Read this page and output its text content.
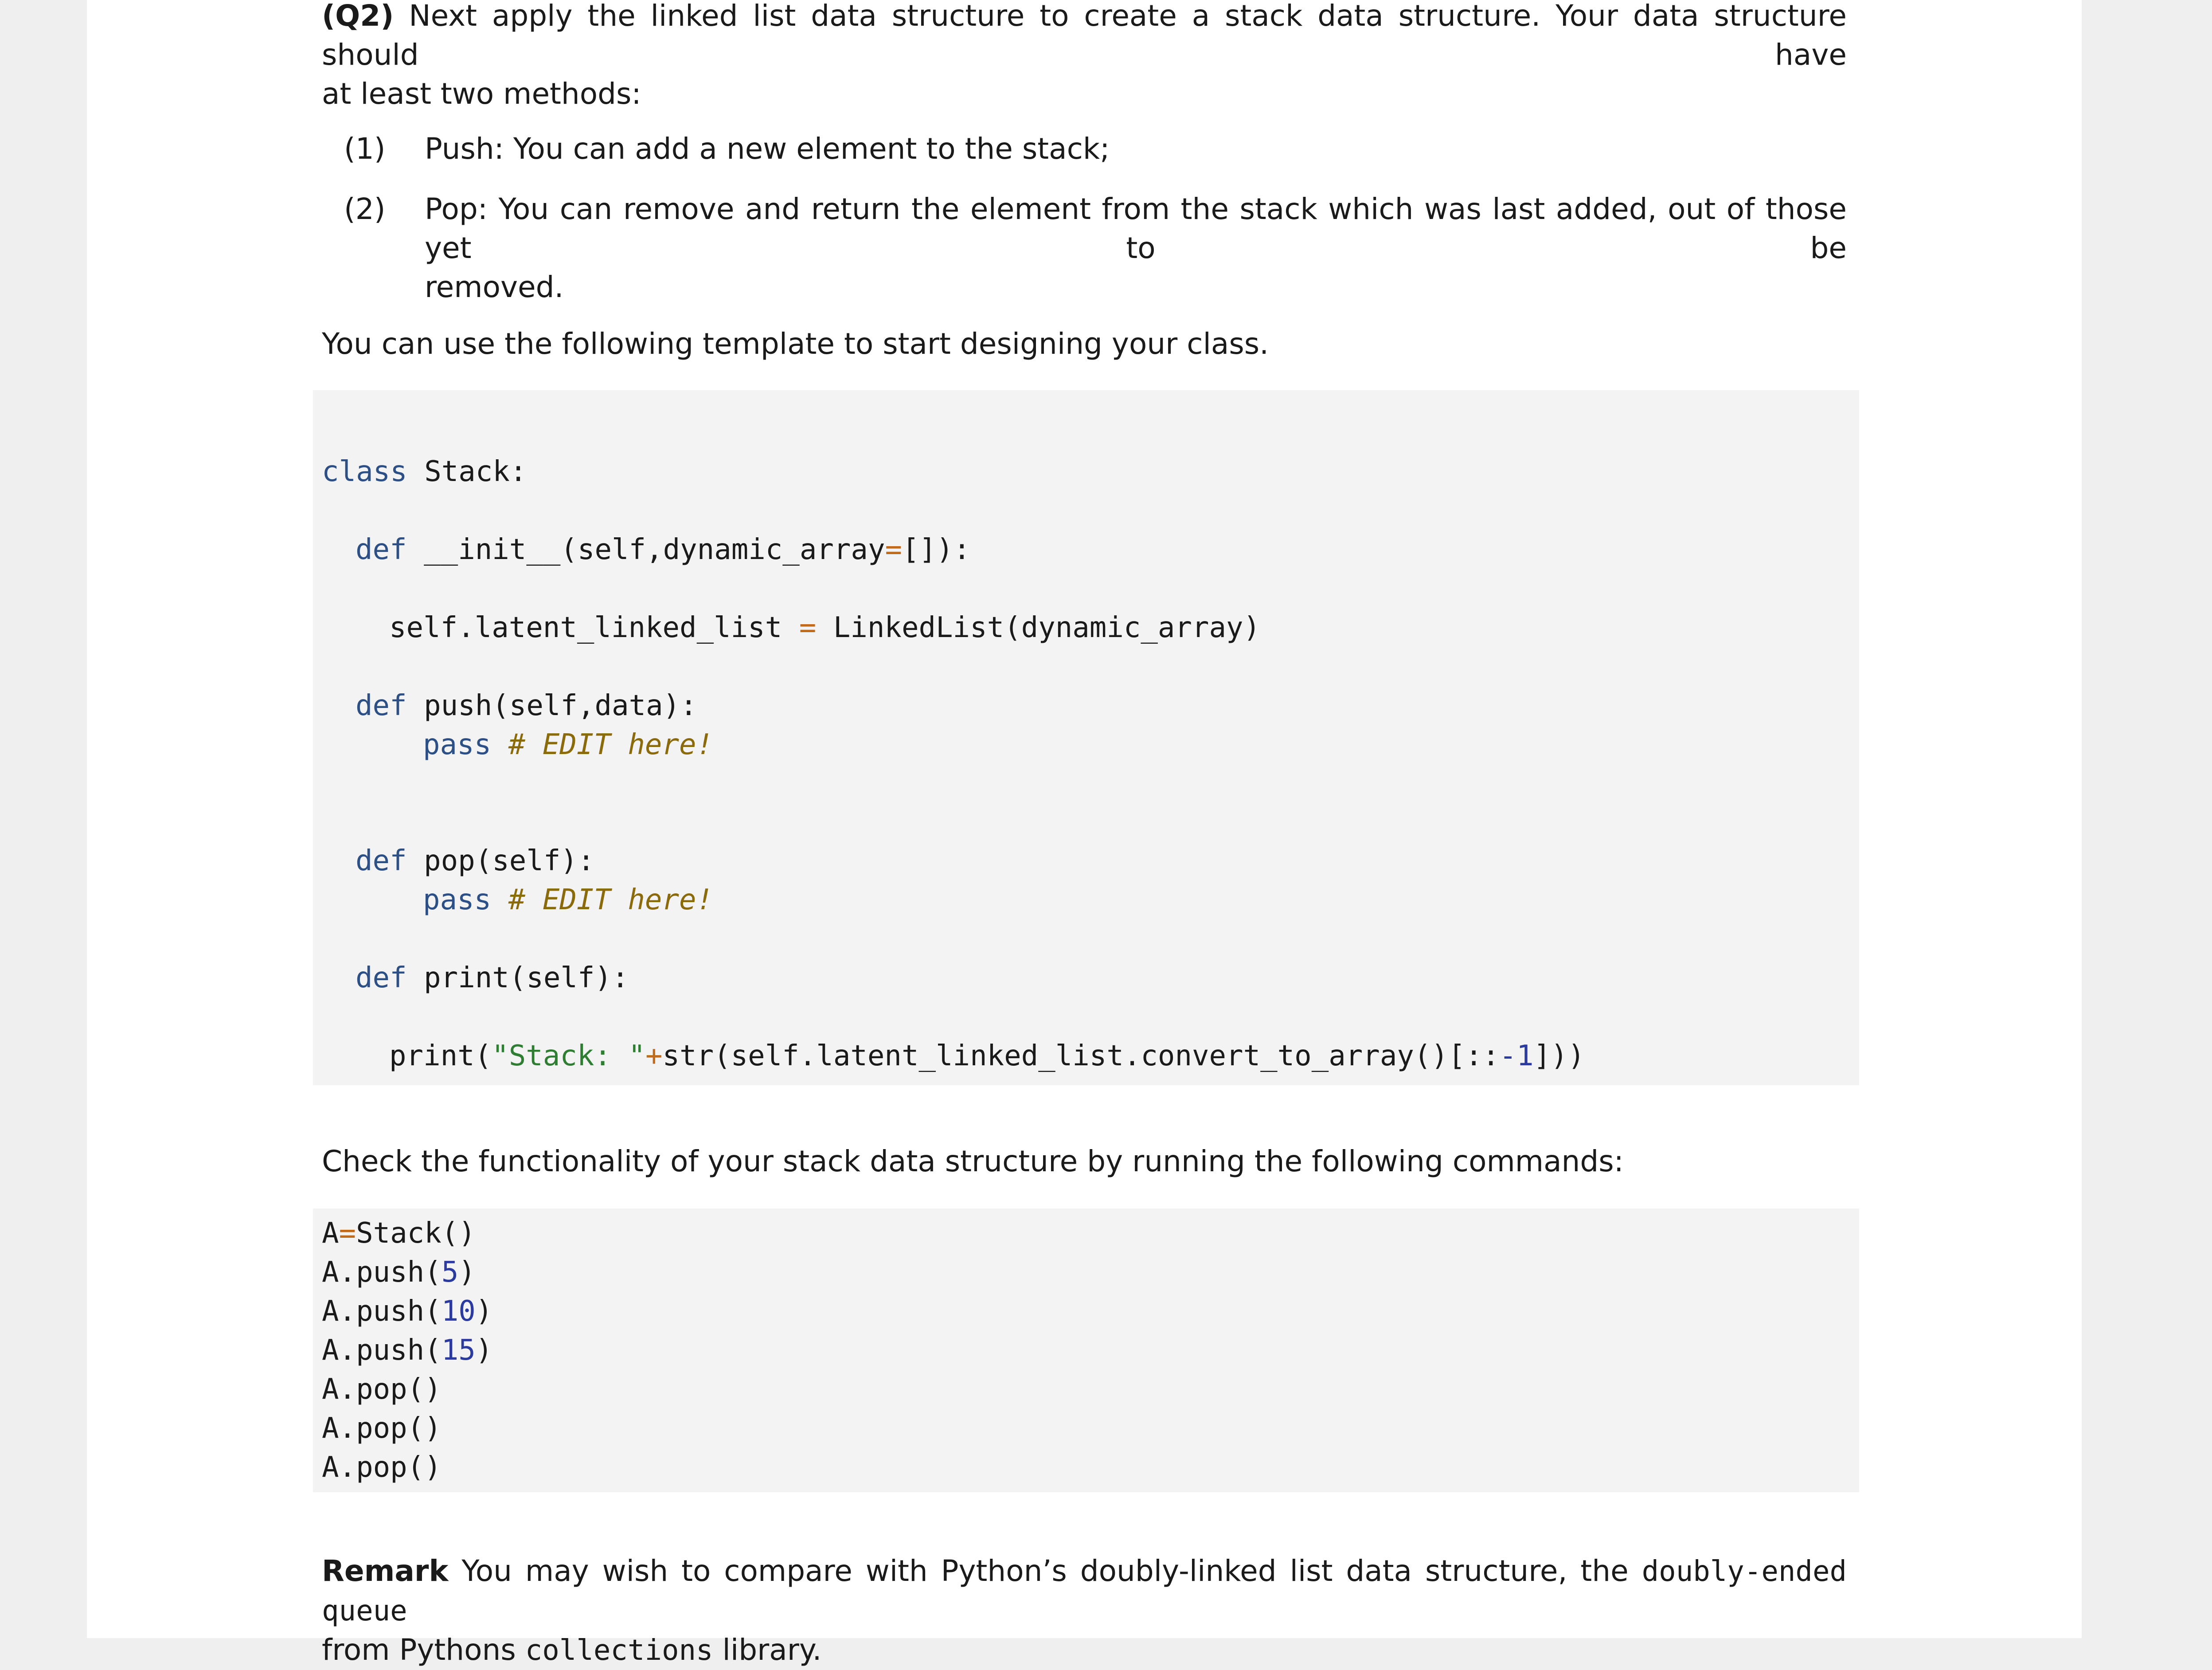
(Q2) Next apply the linked list data structure to create a stack data structure. Your data structure should have
at least two methods:
(1) Push: You can add a new element to the stack;
(2) Pop: You can remove and return the element from the stack which was last added, out of those yet to be
removed.
You can use the following template to start designing your class.
class Stack:
def __init__(self,dynamic_array=[]):
self.latent_linked_list = LinkedList(dynamic_array)
def push(self,data):
pass # EDIT here!
def pop(self):
pass # EDIT here!
def print(self):
print("Stack: "+str(self.latent_linked_list.convert_to_array()[::-1]))
Check the functionality of your stack data structure by running the following commands:
A=Stack()
A.push(5)
A.push(10)
A.push(15)
A.pop()
A.pop()
A.pop()
Remark You may wish to compare with Python’s doubly-linked list data structure, the doubly-ended queue
from Pythons collections library.
